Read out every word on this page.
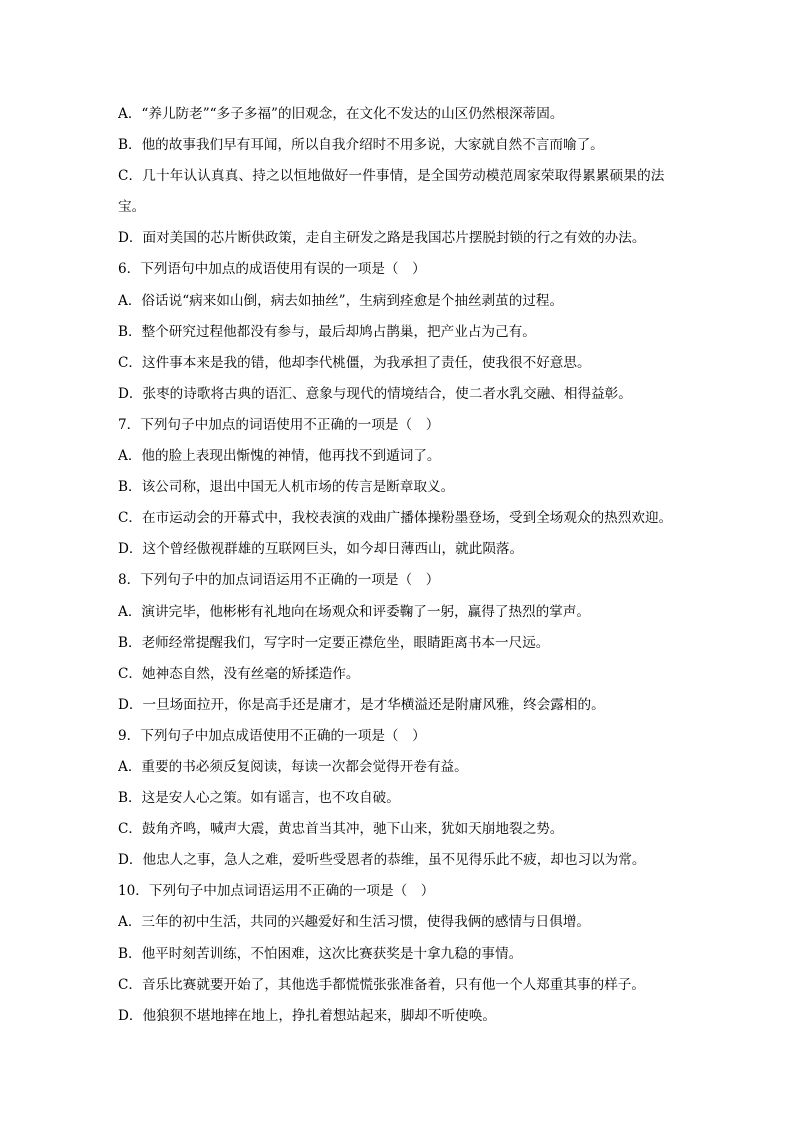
A．“养儿防老”“多子多福”的旧观念，在文化不发达的山区仍然根深蒂固。
B．他的故事我们早有耳闻，所以自我介绍时不用多说，大家就自然不言而喻了。
C．几十年认认真真、持之以恒地做好一件事情，是全国劳动模范周家荣取得累累硕果的法
宝。
D．面对美国的芯片断供政策，走自主研发之路是我国芯片摆脱封锁的行之有效的办法。
6．下列语句中加点的成语使用有误的一项是（　）
A．俗话说“病来如山倒，病去如抽丝”，生病到痊愈是个抽丝剥茧的过程。
B．整个研究过程他都没有参与，最后却鸠占鹊巢，把产业占为己有。
C．这件事本来是我的错，他却李代桃僵，为我承担了责任，使我很不好意思。
D．张枣的诗歌将古典的语汇、意象与现代的情境结合，使二者水乳交融、相得益彰。
7．下列句子中加点的词语使用不正确的一项是（　）
A．他的脸上表现出惭愧的神情，他再找不到遁词了。
B．该公司称，退出中国无人机市场的传言是断章取义。
C．在市运动会的开幕式中，我校表演的戏曲广播体操粉墨登场，受到全场观众的热烈欢迎。
D．这个曾经傲视群雄的互联网巨头，如今却日薄西山，就此陨落。
8．下列句子中的加点词语运用不正确的一项是（　）
A．演讲完毕，他彬彬有礼地向在场观众和评委鞠了一躬，赢得了热烈的掌声。
B．老师经常提醒我们，写字时一定要正襟危坐，眼睛距离书本一尺远。
C．她神态自然，没有丝毫的矫揉造作。
D．一旦场面拉开，你是高手还是庸才，是才华横溢还是附庸风雅，终会露相的。
9．下列句子中加点成语使用不正确的一项是（　）
A．重要的书必须反复阅读，每读一次都会觉得开卷有益。
B．这是安人心之策。如有谣言，也不攻自破。
C．鼓角齐鸣，喊声大震，黄忠首当其冲，驰下山来，犹如天崩地裂之势。
D．他忠人之事，急人之难，爱听些受恩者的恭维，虽不见得乐此不疲，却也习以为常。
10．下列句子中加点词语运用不正确的一项是（　）
A．三年的初中生活，共同的兴趣爱好和生活习惯，使得我俩的感情与日俱增。
B．他平时刻苦训练，不怕困难，这次比赛获奖是十拿九稳的事情。
C．音乐比赛就要开始了，其他选手都慌慌张张准备着，只有他一个人郑重其事的样子。
D．他狼狈不堪地摔在地上，挣扎着想站起来，脚却不听使唤。
